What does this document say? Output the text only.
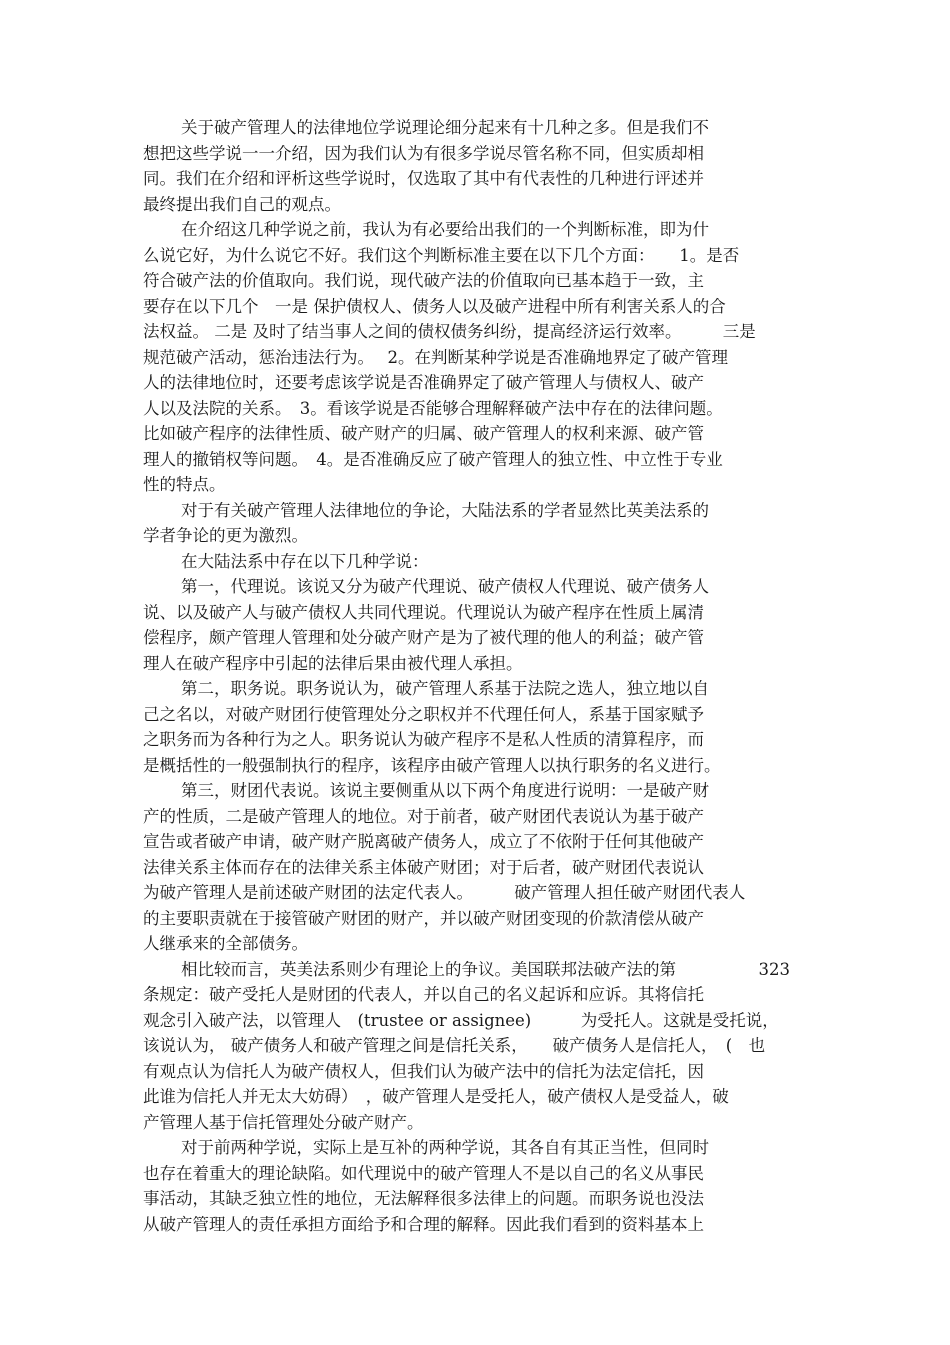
关于破产管理人的法律地位学说理论细分起来有十几种之多。但是我们不
想把这些学说一一介绍，因为我们认为有很多学说尽管名称不同，但实质却相
同。我们在介绍和评析这些学说时，仅选取了其中有代表性的几种进行评述并
最终提出我们自己的观点。
在介绍这几种学说之前，我认为有必要给出我们的一个判断标准，即为什
么说它好，为什么说它不好。我们这个判断标准主要在以下几个方面：　　1。是否
符合破产法的价值取向。我们说，现代破产法的价值取向已基本趋于一致，主
要存在以下几个　一是 保护债权人、债务人以及破产进程中所有利害关系人的合
法权益。 二是 及时了结当事人之间的债权债务纠纷，提高经济运行效率。　　　三是
规范破产活动，惩治违法行为。　 2。在判断某种学说是否准确地界定了破产管理
人的法律地位时，还要考虑该学说是否准确界定了破产管理人与债权人、破产
人以及法院的关系。　3。看该学说是否能够合理解释破产法中存在的法律问题。
比如破产程序的法律性质、破产财产的归属、破产管理人的权利来源、破产管
理人的撤销权等问题。　4。是否准确反应了破产管理人的独立性、中立性于专业
性的特点。
对于有关破产管理人法律地位的争论，大陆法系的学者显然比英美法系的
学者争论的更为激烈。
在大陆法系中存在以下几种学说：
第一，代理说。该说又分为破产代理说、破产债权人代理说、破产债务人
说、以及破产人与破产债权人共同代理说。代理说认为破产程序在性质上属清
偿程序，颇产管理人管理和处分破产财产是为了被代理的他人的利益；破产管
理人在破产程序中引起的法律后果由被代理人承担。
第二，职务说。职务说认为，破产管理人系基于法院之选人，独立地以自
己之名以，对破产财团行使管理处分之职权并不代理任何人，系基于国家赋予
之职务而为各种行为之人。职务说认为破产程序不是私人性质的清算程序，而
是概括性的一般强制执行的程序，该程序由破产管理人以执行职务的名义进行。
第三，财团代表说。该说主要侧重从以下两个角度进行说明：一是破产财
产的性质，二是破产管理人的地位。对于前者，破产财团代表说认为基于破产
宣告或者破产申请，破产财产脱离破产债务人，成立了不依附于任何其他破产
法律关系主体而存在的法律关系主体破产财团；对于后者，破产财团代表说认
为破产管理人是前述破产财团的法定代表人。　　　破产管理人担任破产财团代表人
的主要职责就在于接管破产财团的财产，并以破产财团变现的价款清偿从破产
人继承来的全部债务。
相比较而言，英美法系则少有理论上的争议。美国联邦法破产法的第　　　　　323
条规定：破产受托人是财团的代表人，并以自己的名义起诉和应诉。其将信托
观念引入破产法，以管理人　(trustee or assignee)　　　为受托人。这就是受托说，
该说认为， 破产债务人和破产管理之间是信托关系，　　破产债务人是信托人，　(　也
有观点认为信托人为破产债权人，但我们认为破产法中的信托为法定信托，因
此谁为信托人并无太大妨碍）　，破产管理人是受托人，破产债权人是受益人，破
产管理人基于信托管理处分破产财产。
对于前两种学说，实际上是互补的两种学说，其各自有其正当性，但同时
也存在着重大的理论缺陷。如代理说中的破产管理人不是以自己的名义从事民
事活动，其缺乏独立性的地位，无法解释很多法律上的问题。而职务说也没法
从破产管理人的责任承担方面给予和合理的解释。因此我们看到的资料基本上
